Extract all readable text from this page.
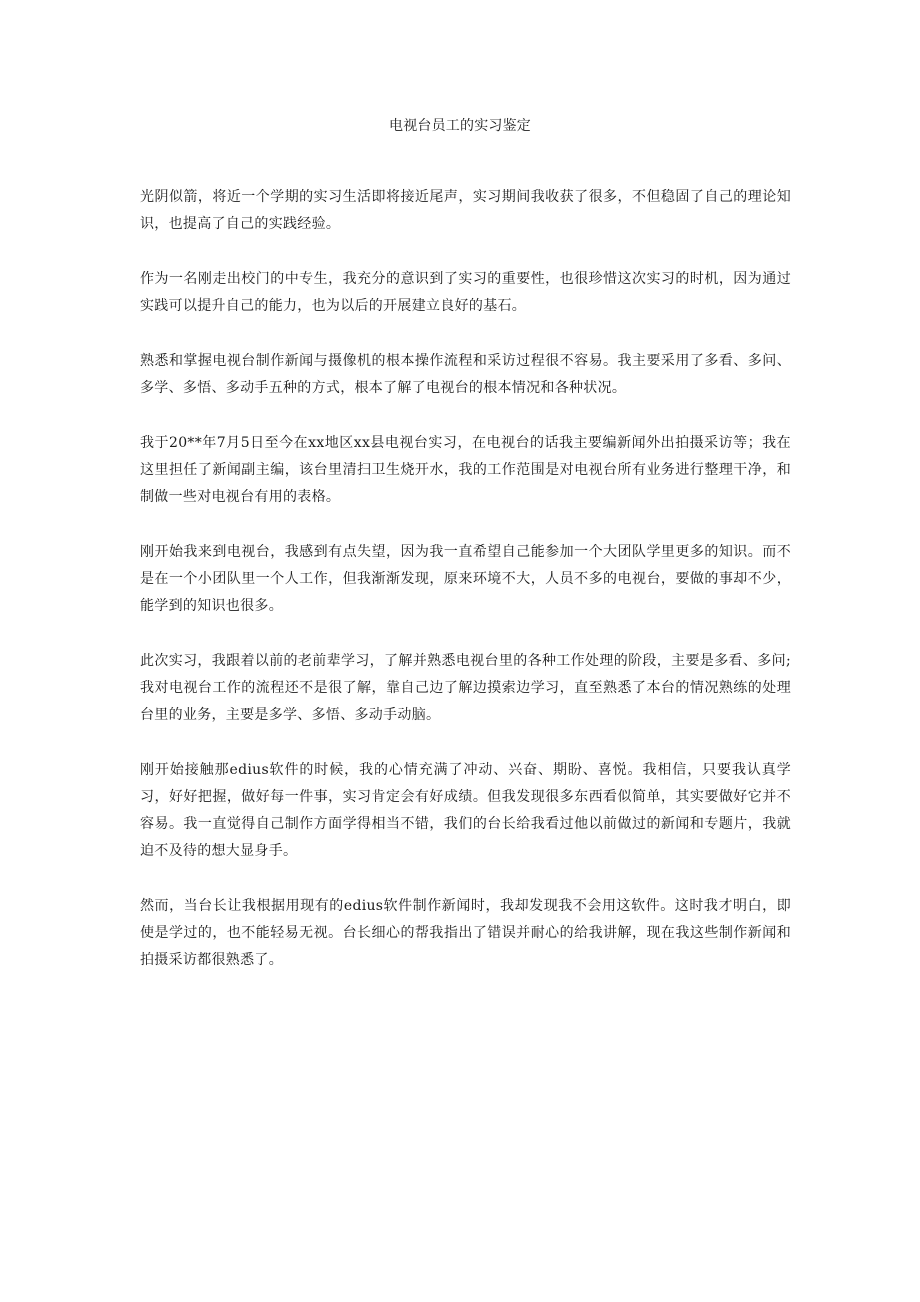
电视台员工的实习鉴定

光阴似箭，将近一个学期的实习生活即将接近尾声，实习期间我收获了很多，不但稳固了自己的理论知识，也提高了自己的实践经验。

作为一名刚走出校门的中专生，我充分的意识到了实习的重要性，也很珍惜这次实习的时机，因为通过实践可以提升自己的能力，也为以后的开展建立良好的基石。

熟悉和掌握电视台制作新闻与摄像机的根本操作流程和采访过程很不容易。我主要采用了多看、多问、多学、多悟、多动手五种的方式，根本了解了电视台的根本情况和各种状况。

我于20**年7月5日至今在xx地区xx县电视台实习，在电视台的话我主要编新闻外出拍摄采访等；我在这里担任了新闻副主编，该台里清扫卫生烧开水，我的工作范围是对电视台所有业务进行整理干净，和制做一些对电视台有用的表格。

刚开始我来到电视台，我感到有点失望，因为我一直希望自己能参加一个大团队学里更多的知识。而不是在一个小团队里一个人工作，但我渐渐发现，原来环境不大，人员不多的电视台，要做的事却不少，能学到的知识也很多。

此次实习，我跟着以前的老前辈学习，了解并熟悉电视台里的各种工作处理的阶段，主要是多看、多问;我对电视台工作的流程还不是很了解，靠自己边了解边摸索边学习，直至熟悉了本台的情况熟练的处理台里的业务，主要是多学、多悟、多动手动脑。

刚开始接触那edius软件的时候，我的心情充满了冲动、兴奋、期盼、喜悦。我相信，只要我认真学习，好好把握，做好每一件事，实习肯定会有好成绩。但我发现很多东西看似简单，其实要做好它并不容易。我一直觉得自己制作方面学得相当不错，我们的台长给我看过他以前做过的新闻和专题片，我就迫不及待的想大显身手。

然而，当台长让我根据用现有的edius软件制作新闻时，我却发现我不会用这软件。这时我才明白，即使是学过的，也不能轻易无视。台长细心的帮我指出了错误并耐心的给我讲解，现在我这些制作新闻和拍摄采访都很熟悉了。
